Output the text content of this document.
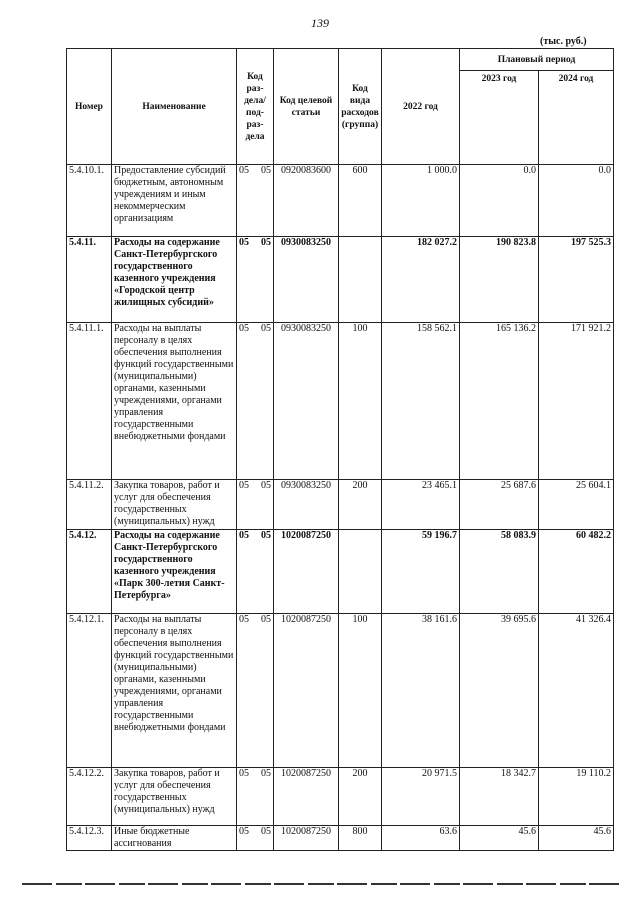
139
(тыс. руб.)
Номер	Наименование	Код раз-дела/ под-раз-дела	Код целевой статьи	Код вида расходов (группа)	2022 год	Плановый период	
						2023 год	2024 год
5.4.10.1.	Предоставление субсидий бюджетным, автономным учреждениям и иным некоммерческим организациям	05 05	0920083600	600	1 000.0	0.0	0.0
5.4.11.	Расходы на содержание Санкт-Петербургского государственного казенного учреждения «Городской центр жилищных субсидий»	05 05	0930083250		182 027.2	190 823.8	197 525.3
5.4.11.1.	Расходы на выплаты персоналу в целях обеспечения выполнения функций государственными (муниципальными) органами, казенными учреждениями, органами управления государственными внебюджетными фондами	05 05	0930083250	100	158 562.1	165 136.2	171 921.2
5.4.11.2.	Закупка товаров, работ и услуг для обеспечения государственных (муниципальных) нужд	05 05	0930083250	200	23 465.1	25 687.6	25 604.1
5.4.12.	Расходы на содержание Санкт-Петербургского государственного казенного учреждения «Парк 300-летия Санкт-Петербурга»	05 05	1020087250		59 196.7	58 083.9	60 482.2
5.4.12.1.	Расходы на выплаты персоналу в целях обеспечения выполнения функций государственными (муниципальными) органами, казенными учреждениями, органами управления государственными внебюджетными фондами	05 05	1020087250	100	38 161.6	39 695.6	41 326.4
5.4.12.2.	Закупка товаров, работ и услуг для обеспечения государственных (муниципальных) нужд	05 05	1020087250	200	20 971.5	18 342.7	19 110.2
5.4.12.3.	Иные бюджетные ассигнования	05 05	1020087250	800	63.6	45.6	45.6
